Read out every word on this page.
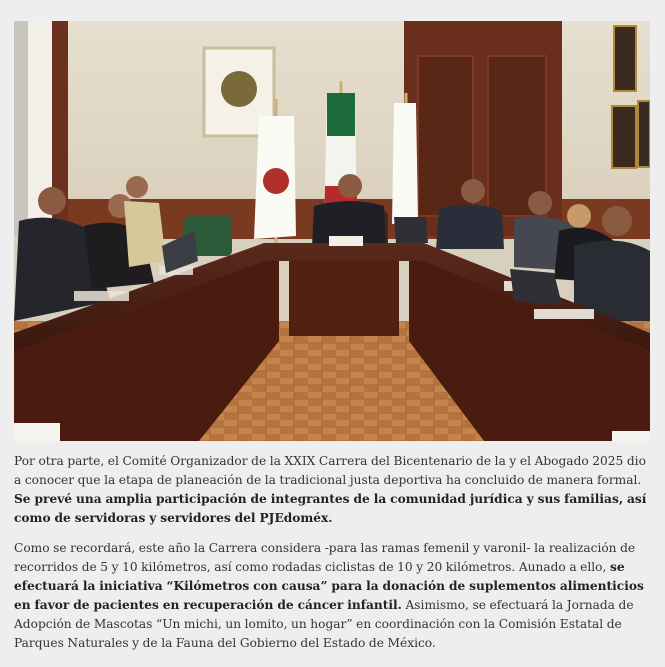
Por otra parte, el Comité Organizador de la XXIX Carrera del Bicentenario de la y el Abogado 2025 dio a conocer que la etapa de planeación de la tradicional justa deportiva ha concluido de manera formal. Se prevé una amplia participación de integrantes de la comunidad jurídica y sus familias, así como de servidoras y servidores del PJEdoméx.

Como se recordará, este año la Carrera considera -para las ramas femenil y varonil- la realización de recorridos de 5 y 10 kilómetros, así como rodadas ciclistas de 10 y 20 kilómetros. Aunado a ello, se efectuará la iniciativa “Kilómetros con causa” para la donación de suplementos alimenticios en favor de pacientes en recuperación de cáncer infantil. Asimismo, se efectuará la Jornada de Adopción de Mascotas “Un michi, un lomito, un hogar” en coordinación con la Comisión Estatal de Parques Naturales y de la Fauna del Gobierno del Estado de México.
